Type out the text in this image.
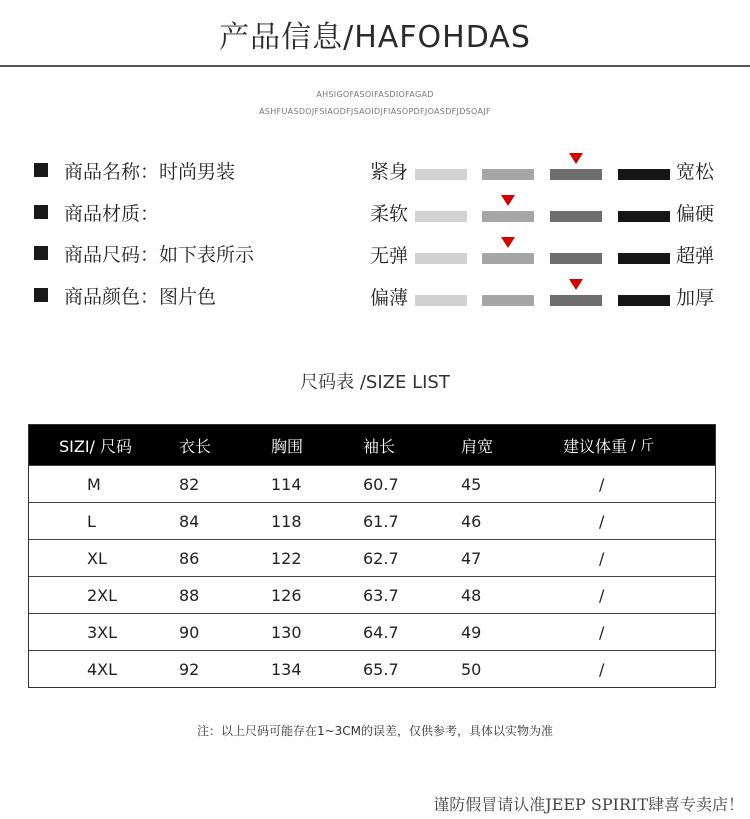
产品信息/HAFOHDAS
AHSIGOFASOIFASDIOFAGAD
ASHFUASDOJFSIAODFJSAOIDJFIASOPDFJOASDFJDSOAJF
商品名称：时尚男装
商品材质：
商品尺码：如下表所示
商品颜色：图片色
紧身	宽松
柔软	偏硬
无弹	超弹
偏薄	加厚
尺码表 /SIZE LIST
SIZI/ 尺码	衣长	胸围	袖长	肩宽	建议体重 / 斤
M	82	114	60.7	45	/
L	84	118	61.7	46	/
XL	86	122	62.7	47	/
2XL	88	126	63.7	48	/
3XL	90	130	64.7	49	/
4XL	92	134	65.7	50	/
注：以上尺码可能存在1~3CM的误差，仅供参考，具体以实物为准
谨防假冒请认准JEEP SPIRIT肆喜专卖店！
